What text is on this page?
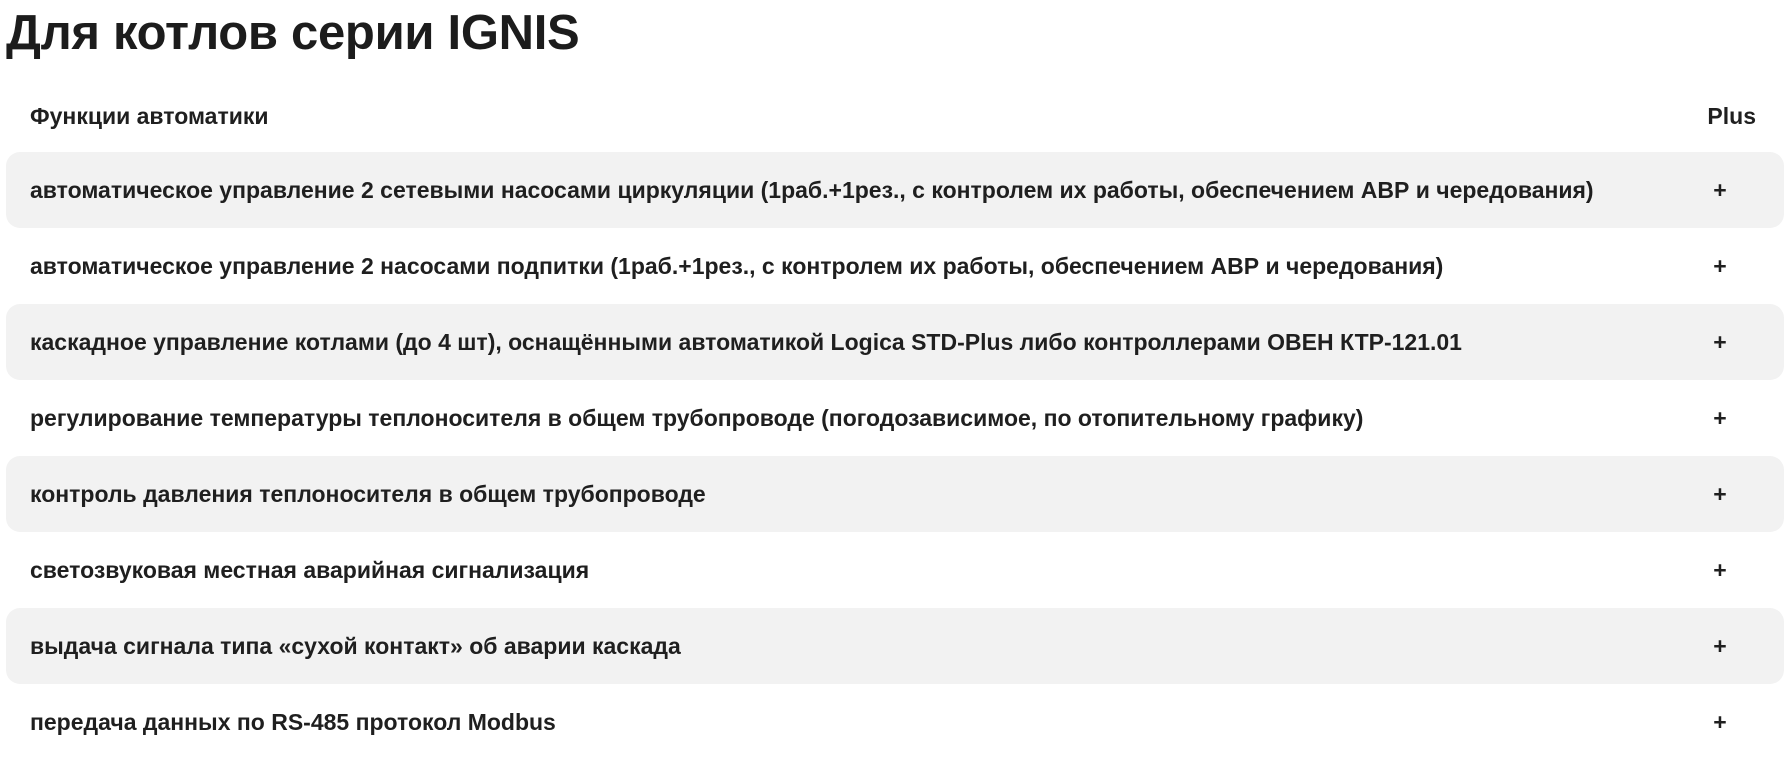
Для котлов серии IGNIS
Функции автоматики	Plus
автоматическое управление 2 сетевыми насосами циркуляции (1раб.+1рез., с контролем их работы, обеспечением АВР и чередования)	+
автоматическое управление 2 насосами подпитки (1раб.+1рез., с контролем их работы, обеспечением АВР и чередования)	+
каскадное управление котлами (до 4 шт), оснащёнными автоматикой Logica STD-Plus либо контроллерами ОВЕН КТР-121.01	+
регулирование температуры теплоносителя в общем трубопроводе (погодозависимое, по отопительному графику)	+
контроль давления теплоносителя в общем трубопроводе	+
светозвуковая местная аварийная сигнализация	+
выдача сигнала типа «сухой контакт» об аварии каскада	+
передача данных по RS-485 протокол Modbus	+
